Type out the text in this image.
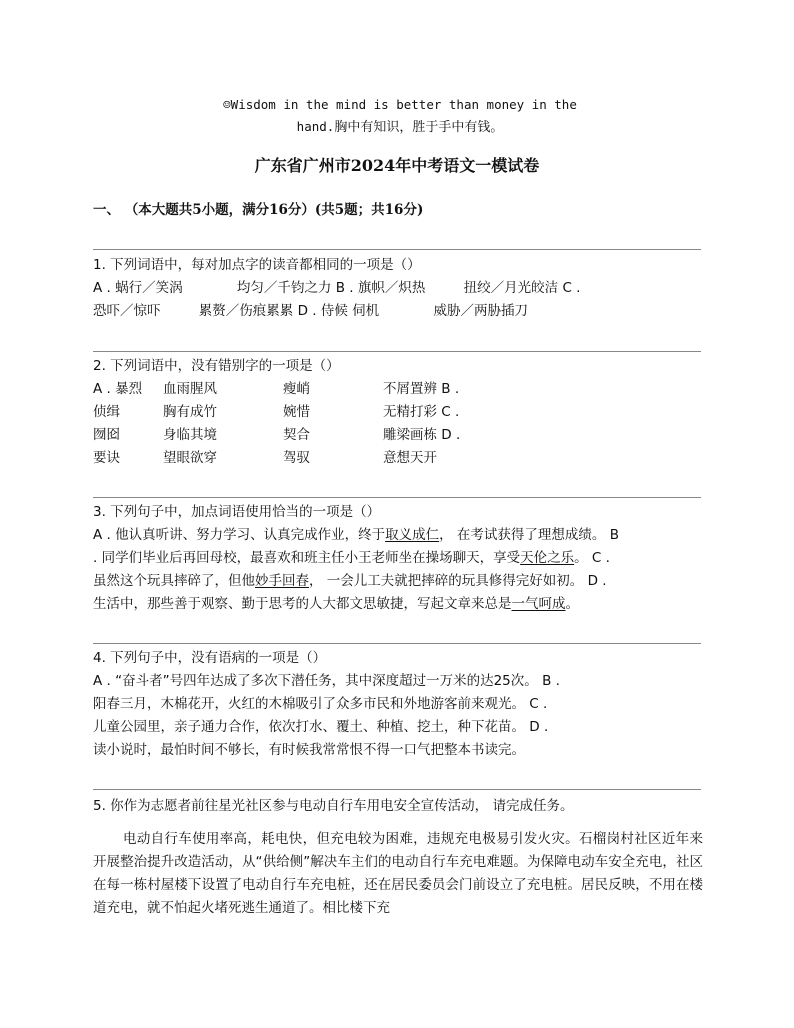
☺Wisdom in the mind is better than money in the
hand.胸中有知识，胜于手中有钱。
广东省广州市2024年中考语文一模试卷
一、 （本大题共5小题，满分16分）(共5题；共16分)
1. 下列词语中，每对加点字的读音都相同的一项是（）
A . 蜗行／笑涡	均匀／千钧之力 B . 旗帜／炽热	扭绞／月光皎洁 C .
恐吓／惊吓	累赘／伤痕累累 D . 侍候 伺机	威胁／两胁插刀
2. 下列词语中，没有错别字的一项是（）
A . 暴烈	血雨腥风	瘦峭	不屑置辨 B .
侦缉	胸有成竹	婉惜	无精打彩 C .
囫囵	身临其境	契合	雕梁画栋 D .
要诀	望眼欲穿	驾驭	意想天开
3. 下列句子中，加点词语使用恰当的一项是（）
A . 他认真听讲、努力学习、认真完成作业，终于取义成仁， 在考试获得了理想成绩。 B
. 同学们毕业后再回母校，最喜欢和班主任小王老师坐在操场聊天，享受天伦之乐。 C .
虽然这个玩具摔碎了，但他妙手回春， 一会儿工夫就把摔碎的玩具修得完好如初。 D .
生活中，那些善于观察、勤于思考的人大都文思敏捷，写起文章来总是一气呵成。
4. 下列句子中，没有语病的一项是（）
A . “奋斗者”号四年达成了多次下潜任务，其中深度超过一万米的达25次。 B .
阳春三月，木棉花开，火红的木棉吸引了众多市民和外地游客前来观光。 C .
儿童公园里，亲子通力合作，依次打水、覆土、种植、挖土，种下花苗。 D .
读小说时，最怕时间不够长，有时候我常常恨不得一口气把整本书读完。
5. 你作为志愿者前往星光社区参与电动自行车用电安全宣传活动， 请完成任务。
电动自行车使用率高，耗电快，但充电较为困难，违规充电极易引发火灾。石榴岗村社区近年来开展整治提升改造活动，从“供给侧”解决车主们的电动自行车充电难题。为保障电动车安全充电，社区在每一栋村屋楼下设置了电动自行车充电桩，还在居民委员会门前设立了充电桩。居民反映，不用在楼道充电，就不怕起火堵死逃生通道了。相比楼下充
